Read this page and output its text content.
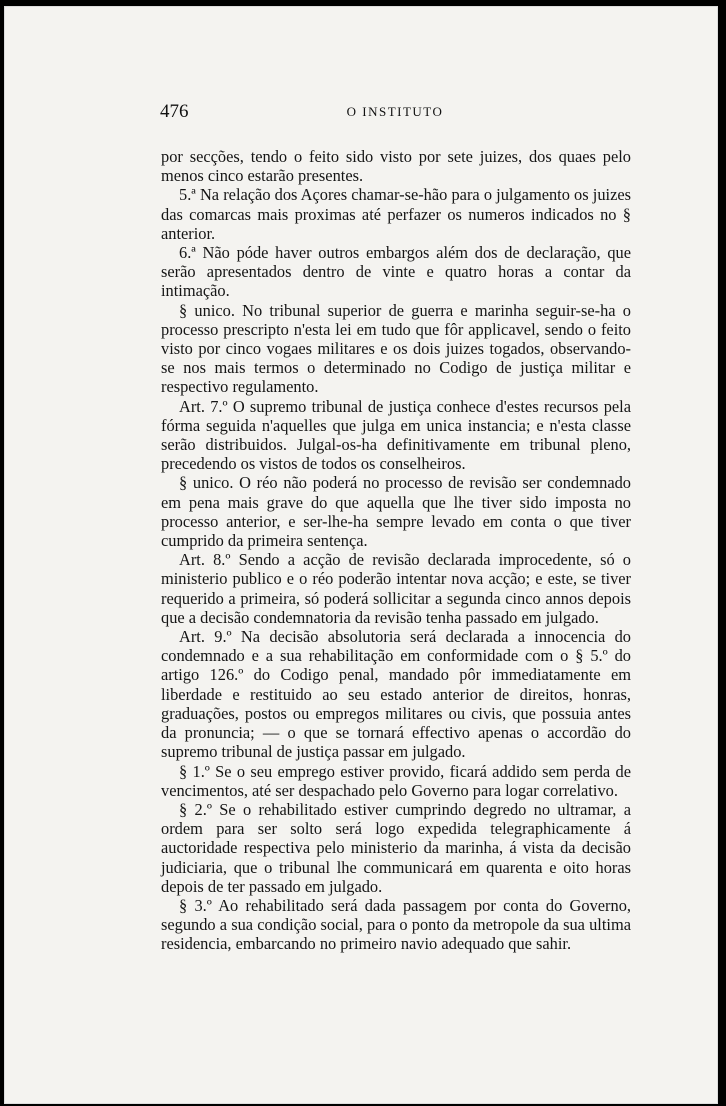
476	O INSTITUTO

por secções, tendo o feito sido visto por sete juizes, dos quaes pelo menos cinco estarão presentes.

5.ª Na relação dos Açores chamar-se-hão para o julgamento os juizes das comarcas mais proximas até perfazer os numeros indicados no § anterior.

6.ª Não póde haver outros embargos além dos de declaração, que serão apresentados dentro de vinte e quatro horas a contar da intimação.

§ unico. No tribunal superior de guerra e marinha seguir-se-ha o processo prescripto n'esta lei em tudo que fôr applicavel, sendo o feito visto por cinco vogaes militares e os dois juizes togados, observando-se nos mais termos o determinado no Codigo de justiça militar e respectivo regulamento.

Art. 7.º O supremo tribunal de justiça conhece d'estes recursos pela fórma seguida n'aquelles que julga em unica instancia; e n'esta classe serão distribuidos. Julgal-os-ha definitivamente em tribunal pleno, precedendo os vistos de todos os conselheiros.

§ unico. O réo não poderá no processo de revisão ser condemnado em pena mais grave do que aquella que lhe tiver sido imposta no processo anterior, e ser-lhe-ha sempre levado em conta o que tiver cumprido da primeira sentença.

Art. 8.º Sendo a acção de revisão declarada improcedente, só o ministerio publico e o réo poderão intentar nova acção; e este, se tiver requerido a primeira, só poderá sollicitar a segunda cinco annos depois que a decisão condemnatoria da revisão tenha passado em julgado.

Art. 9.º Na decisão absolutoria será declarada a innocencia do condemnado e a sua rehabilitação em conformidade com o § 5.º do artigo 126.º do Codigo penal, mandado pôr immediatamente em liberdade e restituido ao seu estado anterior de direitos, honras, graduações, postos ou empregos militares ou civis, que possuia antes da pronuncia; — o que se tornará effectivo apenas o accordão do supremo tribunal de justiça passar em julgado.

§ 1.º Se o seu emprego estiver provido, ficará addido sem perda de vencimentos, até ser despachado pelo Governo para logar correlativo.

§ 2.º Se o rehabilitado estiver cumprindo degredo no ultramar, a ordem para ser solto será logo expedida telegraphicamente á auctoridade respectiva pelo ministerio da marinha, á vista da decisão judiciaria, que o tribunal lhe communicará em quarenta e oito horas depois de ter passado em julgado.

§ 3.º Ao rehabilitado será dada passagem por conta do Governo, segundo a sua condição social, para o ponto da metropole da sua ultima residencia, embarcando no primeiro navio adequado que sahir.
